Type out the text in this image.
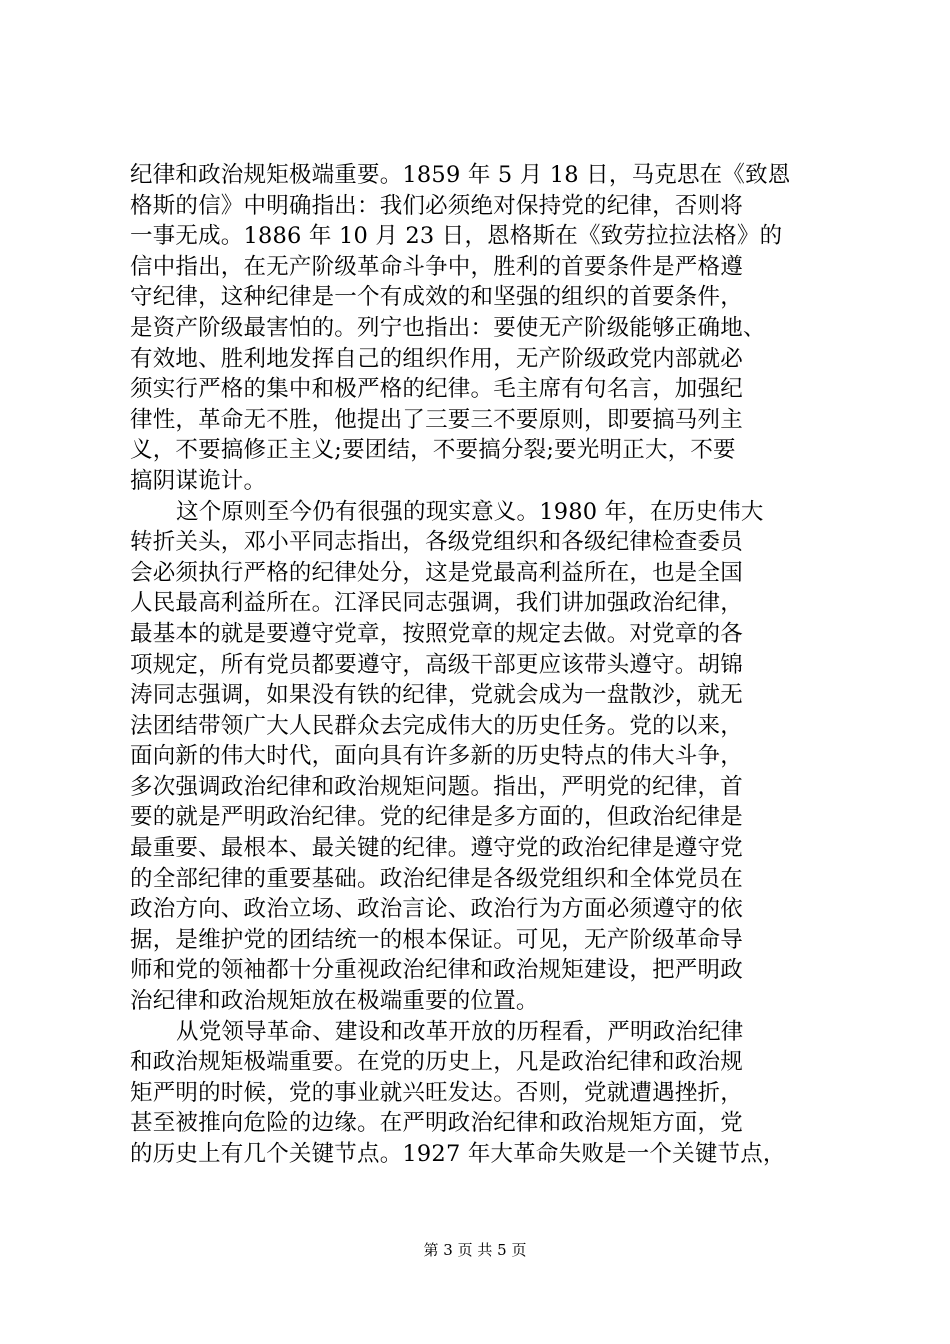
纪律和政治规矩极端重要。1859 年 5 月 18 日，马克思在《致恩
格斯的信》中明确指出：我们必须绝对保持党的纪律，否则将
一事无成。1886 年 10 月 23 日，恩格斯在《致劳拉拉法格》的
信中指出，在无产阶级革命斗争中，胜利的首要条件是严格遵
守纪律，这种纪律是一个有成效的和坚强的组织的首要条件，
是资产阶级最害怕的。列宁也指出：要使无产阶级能够正确地、
有效地、胜利地发挥自己的组织作用，无产阶级政党内部就必
须实行严格的集中和极严格的纪律。毛主席有句名言，加强纪
律性，革命无不胜，他提出了三要三不要原则，即要搞马列主
义，不要搞修正主义;要团结，不要搞分裂;要光明正大，不要
搞阴谋诡计。
这个原则至今仍有很强的现实意义。1980 年，在历史伟大
转折关头，邓小平同志指出，各级党组织和各级纪律检查委员
会必须执行严格的纪律处分，这是党最高利益所在，也是全国
人民最高利益所在。江泽民同志强调，我们讲加强政治纪律，
最基本的就是要遵守党章，按照党章的规定去做。对党章的各
项规定，所有党员都要遵守，高级干部更应该带头遵守。胡锦
涛同志强调，如果没有铁的纪律，党就会成为一盘散沙，就无
法团结带领广大人民群众去完成伟大的历史任务。党的以来，
面向新的伟大时代，面向具有许多新的历史特点的伟大斗争，
多次强调政治纪律和政治规矩问题。指出，严明党的纪律，首
要的就是严明政治纪律。党的纪律是多方面的，但政治纪律是
最重要、最根本、最关键的纪律。遵守党的政治纪律是遵守党
的全部纪律的重要基础。政治纪律是各级党组织和全体党员在
政治方向、政治立场、政治言论、政治行为方面必须遵守的依
据，是维护党的团结统一的根本保证。可见，无产阶级革命导
师和党的领袖都十分重视政治纪律和政治规矩建设，把严明政
治纪律和政治规矩放在极端重要的位置。
从党领导革命、建设和改革开放的历程看，严明政治纪律
和政治规矩极端重要。在党的历史上，凡是政治纪律和政治规
矩严明的时候，党的事业就兴旺发达。否则，党就遭遇挫折，
甚至被推向危险的边缘。在严明政治纪律和政治规矩方面，党
的历史上有几个关键节点。1927 年大革命失败是一个关键节点，
第 3 页 共 5 页
